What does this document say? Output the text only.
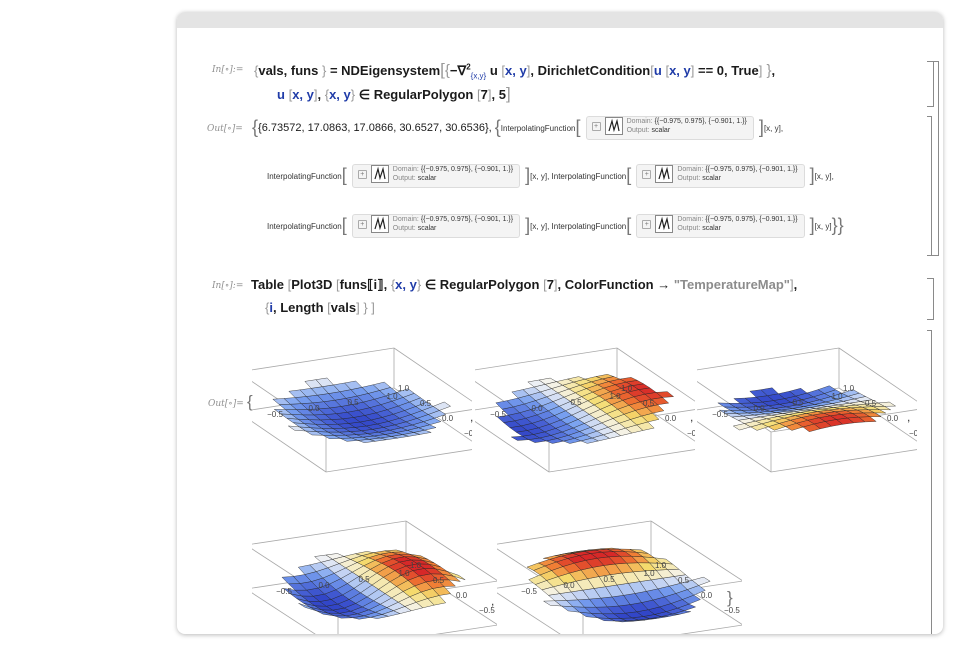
In[∘]:= {vals, funs } = NDEigensystem[{−∇$^2_{\{x,y\}}$ u [x, y], DirichletCondition[u [x, y] == 0, True] },
u [x, y], {x, y} ∈ RegularPolygon [7], 5]
Out[∘]= {{6.73572, 17.0863, 17.0866, 30.6527, 30.6536}, {InterpolatingFunction[ +Domain: {{−0.975, 0.975}, {−0.901, 1.}}
Output: scalar	][x, y],
InterpolatingFunction[ +Domain: {{−0.975, 0.975}, {−0.901, 1.}}
Output: scalar	][x, y], InterpolatingFunction[ +Domain: {{−0.975, 0.975}, {−0.901, 1.}}
Output: scalar	][x, y],
InterpolatingFunction[ +Domain: {{−0.975, 0.975}, {−0.901, 1.}}
Output: scalar	][x, y], InterpolatingFunction[ +Domain: {{−0.975, 0.975}, {−0.901, 1.}}
Output: scalar	][x, y]}}
In[∘]:= Table [Plot3D [funs⟦i⟧, {x, y} ∈ RegularPolygon [7], ColorFunction → "TemperatureMap"],
{i, Length [vals] } ]
Out[∘]= {
−0.5
0.0
0.5
1.0
1.0
0.5
0.0
−0
, −0.5
0.0
0.5
1.0
1.0
0.5
0.0
−0
, −0.5
0.0
0.5
1.0
1.0
0.5
0.0
−0
,
−0.5
0.0
0.5
1.0
1.0
0.5
0.0
−0.5
,
−0.5
0.0
0.5
1.0
1.0
0.5
0.0
−0.5
}
